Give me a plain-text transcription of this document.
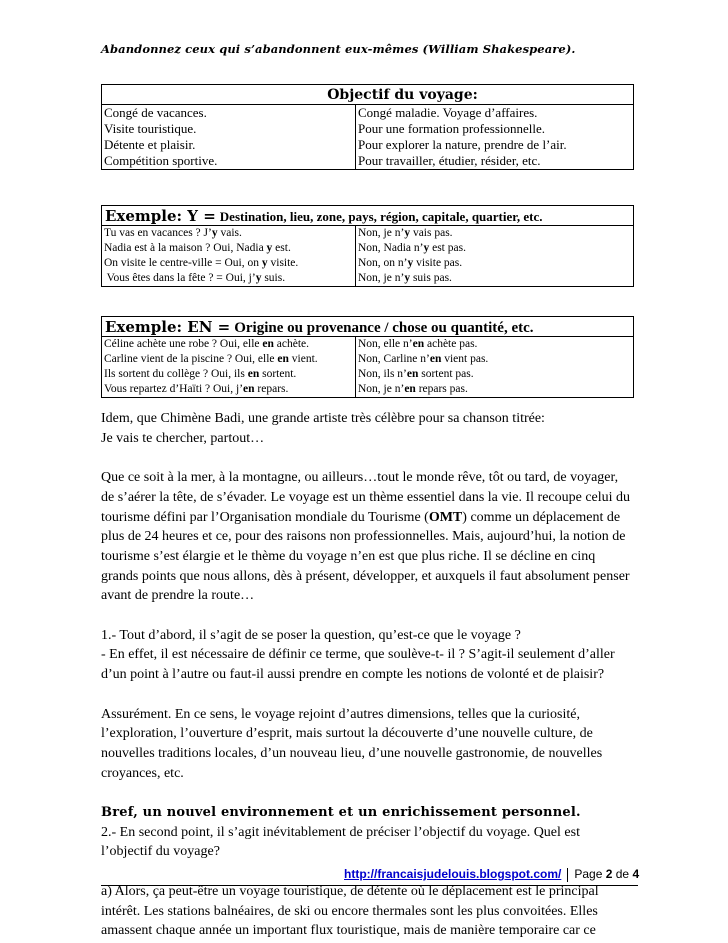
Abandonnez ceux qui s’abandonnent eux-mêmes (William Shakespeare).
Objectif du voyage:
Congé de vacances.
Visite touristique.
Détente et plaisir.
Compétition sportive.
Congé maladie. Voyage d’affaires.
Pour une formation professionnelle.
Pour explorer la nature, prendre de l’air.
Pour travailler, étudier, résider, etc.
Exemple: Y = Destination, lieu, zone, pays, région, capitale, quartier, etc.
Tu vas en vacances ? J’y vais.
Nadia est à la maison ? Oui, Nadia y est.
On visite le centre-ville = Oui, on y visite.
Vous êtes dans la fête ? = Oui, j’y suis.
Non, je n’y vais pas.
Non, Nadia n’y est pas.
Non, on n’y visite pas.
Non, je n’y suis pas.
Exemple: EN = Origine ou provenance / chose ou quantité, etc.
Céline achète une robe ? Oui, elle en achète.
Carline vient de la piscine ? Oui, elle en vient.
Ils sortent du collège ? Oui, ils en sortent.
Vous repartez d’Haïti ? Oui, j’en repars.
Non, elle n’en achète pas.
Non, Carline n’en vient pas.
Non, ils n’en sortent pas.
Non, je n’en repars pas.

Idem, que Chimène Badi, une grande artiste très célèbre pour sa chanson titrée:

Je vais te chercher, partout…

Que ce soit à la mer, à la montagne, ou ailleurs…tout le monde rêve, tôt ou tard, de voyager, de s’aérer la tête, de s’évader. Le voyage est un thème essentiel dans la vie. Il recoupe celui du tourisme défini par l’Organisation mondiale du Tourisme (OMT) comme un déplacement de plus de 24 heures et ce, pour des raisons non professionnelles. Mais, aujourd’hui, la notion de tourisme s’est élargie et le thème du voyage n’en est que plus riche. Il se décline en cinq grands points que nous allons, dès à présent, développer, et auxquels il faut absolument penser avant de prendre la route…

1.- Tout d’abord, il s’agit de se poser la question, qu’est-ce que le voyage ?

- En effet, il est nécessaire de définir ce terme, que soulève-t- il ? S’agit-il seulement d’aller d’un point à l’autre ou faut-il aussi prendre en compte les notions de volonté et de plaisir?

Assurément. En ce sens, le voyage rejoint d’autres dimensions, telles que la curiosité, l’exploration, l’ouverture d’esprit, mais surtout la découverte d’une nouvelle culture, de nouvelles traditions locales, d’un nouveau lieu, d’une nouvelle gastronomie, de nouvelles croyances, etc.

Bref, un nouvel environnement et un enrichissement personnel.

2.- En second point, il s’agit inévitablement de préciser l’objectif du voyage. Quel est l’objectif du voyage?

a) Alors, ça peut-être un voyage touristique, de détente où le déplacement est le principal intérêt. Les stations balnéaires, de ski ou encore thermales sont les plus convoitées. Elles amassent chaque année un important flux touristique, mais de manière temporaire car ce

http://francaisjudelouis.blogspot.com/ Page 2 de 4
